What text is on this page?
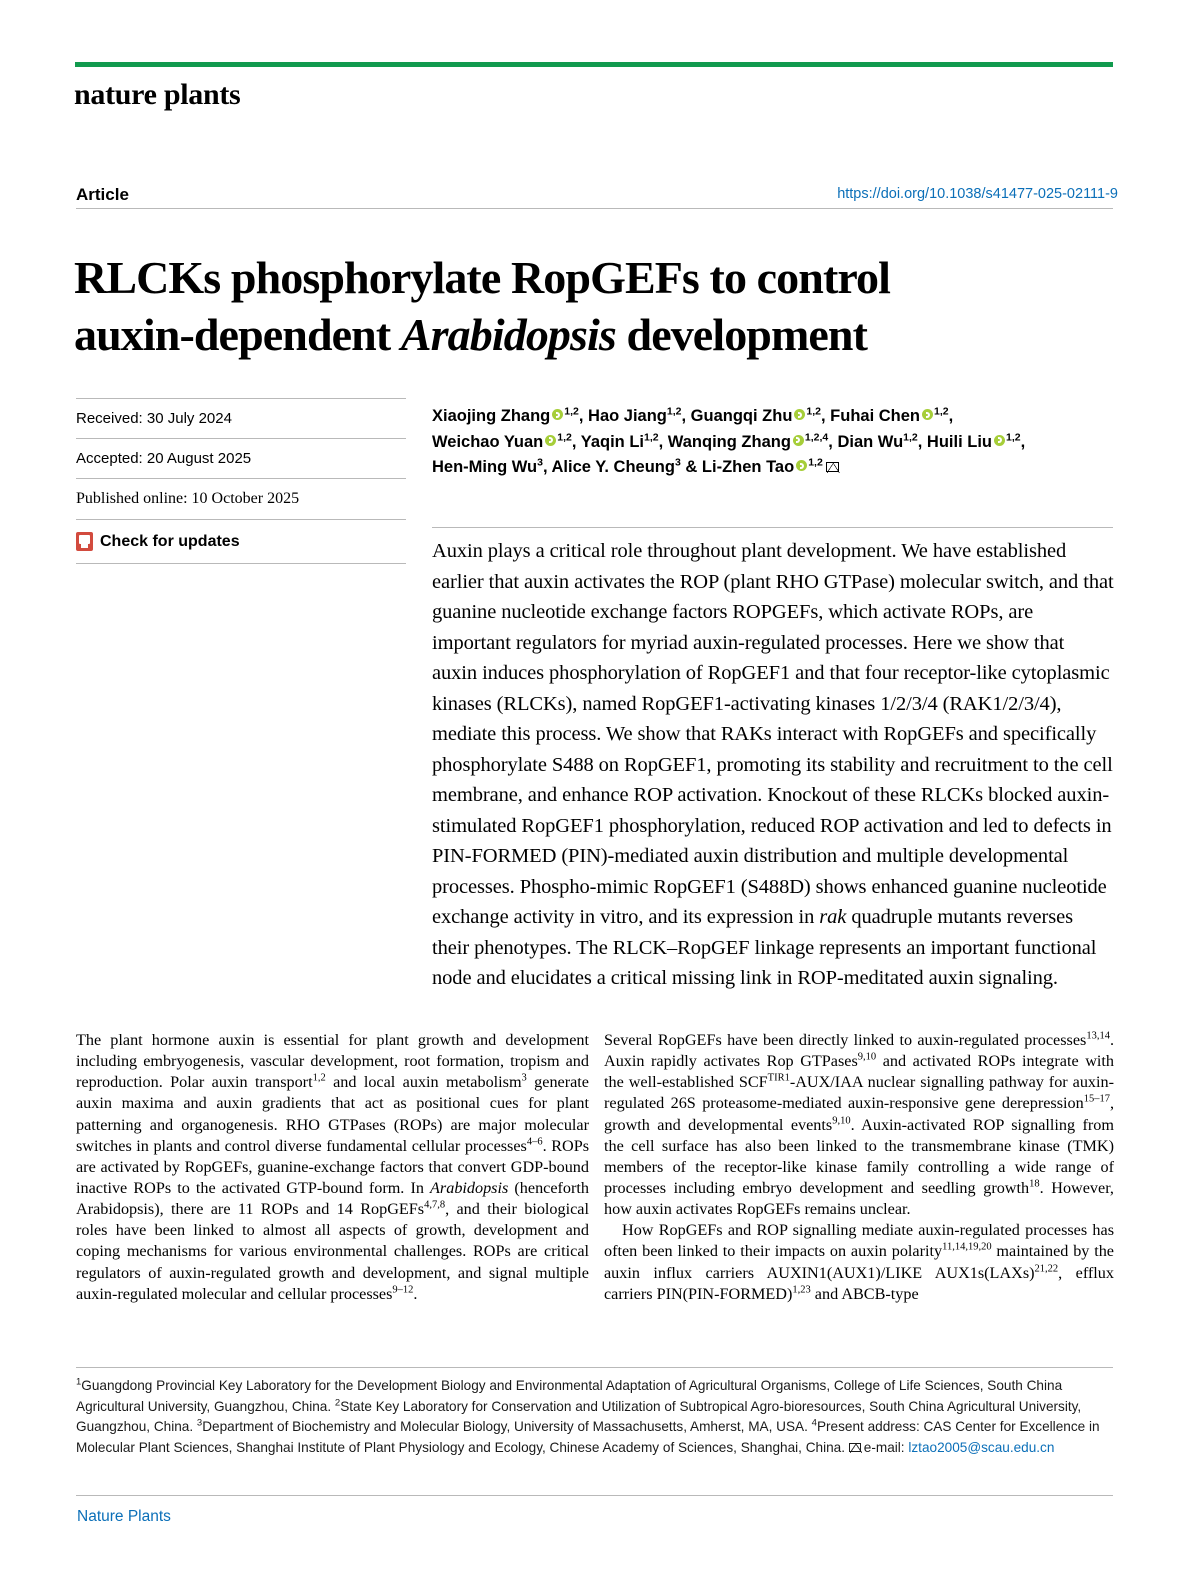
nature plants
Article	https://doi.org/10.1038/s41477-025-02111-9
RLCKs phosphorylate RopGEFs to control
auxin-dependent Arabidopsis development
Received: 30 July 2024
Accepted: 20 August 2025
Published online: 10 October 2025
Check for updates
Xiaojing Zhang $^{1,2}$, Hao Jiang$^{1,2}$, Guangqi Zhu $^{1,2}$, Fuhai Chen $^{1,2}$,
Weichao Yuan $^{1,2}$, Yaqin Li$^{1,2}$, Wanqing Zhang $^{1,2,4}$, Dian Wu$^{1,2}$, Huili Liu $^{1,2}$,
Hen-Ming Wu$^3$, Alice Y. Cheung$^3$ & Li-Zhen Tao $^{1,2}$
Auxin plays a critical role throughout plant development. We have established earlier that auxin activates the ROP (plant RHO GTPase) molecular switch, and that guanine nucleotide exchange factors ROPGEFs, which activate ROPs, are important regulators for myriad auxin-regulated processes. Here we show that auxin induces phosphorylation of RopGEF1 and that four receptor-like cytoplasmic kinases (RLCKs), named RopGEF1-activating kinases 1/2/3/4 (RAK1/2/3/4), mediate this process. We show that RAKs interact with RopGEFs and specifically phosphorylate S488 on RopGEF1, promoting its stability and recruitment to the cell membrane, and enhance ROP activation. Knockout of these RLCKs blocked auxin-stimulated RopGEF1 phosphorylation, reduced ROP activation and led to defects in PIN-FORMED (PIN)-mediated auxin distribution and multiple developmental processes. Phospho-mimic RopGEF1 (S488D) shows enhanced guanine nucleotide exchange activity in vitro, and its expression in rak quadruple mutants reverses their phenotypes. The RLCK–RopGEF linkage represents an important functional node and elucidates a critical missing link in ROP-meditated auxin signaling.

The plant hormone auxin is essential for plant growth and development including embryogenesis, vascular development, root formation, tropism and reproduction. Polar auxin transport$^{1,2}$ and local auxin metabolism$^3$ generate auxin maxima and auxin gradients that act as positional cues for plant patterning and organogenesis. RHO GTPases (ROPs) are major molecular switches in plants and control diverse fundamental cellular processes$^{4-6}$. ROPs are activated by RopGEFs, guanine-exchange factors that convert GDP-bound inactive ROPs to the activated GTP-bound form. In Arabidopsis (henceforth Arabidopsis), there are 11 ROPs and 14 RopGEFs$^{4,7,8}$, and their biological roles have been linked to almost all aspects of growth, development and coping mechanisms for various environmental challenges. ROPs are critical regulators of auxin-regulated growth and development, and signal multiple auxin-regulated molecular and cellular processes$^{9-12}$.

Several RopGEFs have been directly linked to auxin-regulated processes$^{13,14}$. Auxin rapidly activates Rop GTPases$^{9,10}$ and activated ROPs integrate with the well-established $SCF^{TIR1}-AUX$/IAA nuclear signalling pathway for auxin-regulated 26S proteasome-mediated auxin-responsive gene derepression$^{15-17}$, growth and developmental events$^{9,10}$. Auxin-activated ROP signalling from the cell surface has also been linked to the transmembrane kinase (TMK) members of the receptor-like kinase family controlling a wide range of processes including embryo development and seedling growth$^{18}$. However, how auxin activates RopGEFs remains unclear.

How RopGEFs and ROP signalling mediate auxin-regulated processes has often been linked to their impacts on auxin polarity$^{11,14,19,20}$ maintained by the auxin influx carriers AUXIN1(AUX1)/LIKE AUX1s(LAXs)$^{21,22}$, efflux carriers PIN(PIN-FORMED)$^{1,23}$ and ABCB-type

$^1$Guangdong Provincial Key Laboratory for the Development Biology and Environmental Adaptation of Agricultural Organisms, College of Life Sciences, South China Agricultural University, Guangzhou, China. $^2$State Key Laboratory for Conservation and Utilization of Subtropical Agro-bioresources, South China Agricultural University, Guangzhou, China. $^3$Department of Biochemistry and Molecular Biology, University of Massachusetts, Amherst, MA, USA. $^4$Present address: CAS Center for Excellence in Molecular Plant Sciences, Shanghai Institute of Plant Physiology and Ecology, Chinese Academy of Sciences, Shanghai, China. e-mail: lztao2005@scau.edu.cn
Nature Plants
